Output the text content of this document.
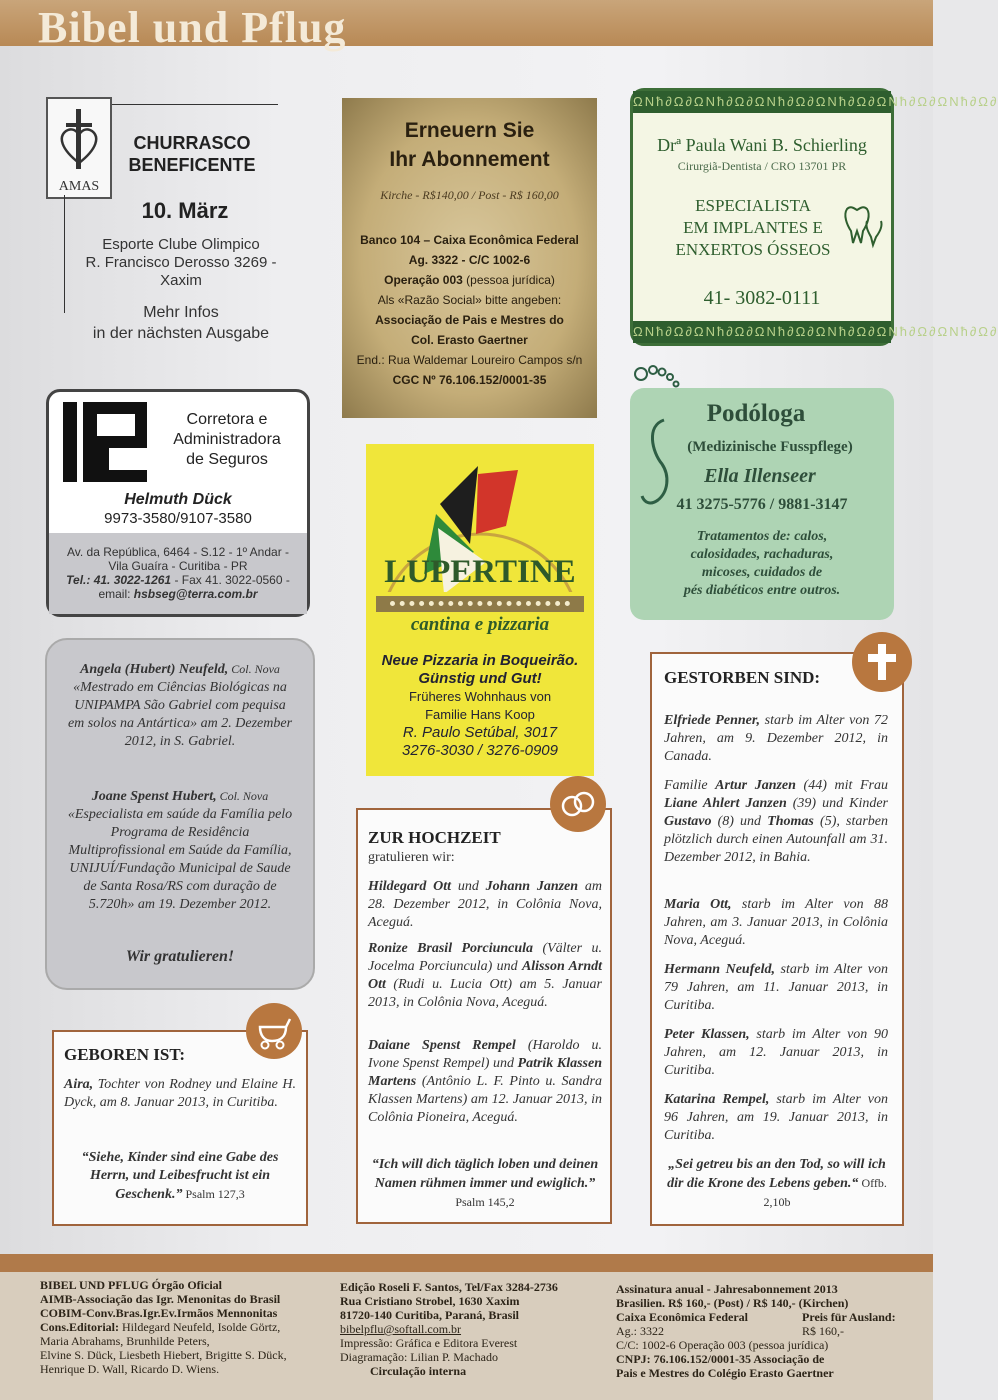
Bibel und Pflug
AMAS
CHURRASCO
BENEFICENTE
10. März
Esporte Clube Olimpico
R. Francisco Derosso 3269 -
Xaxim
Mehr Infos
in der nächsten Ausgabe
Erneuern Sie
Ihr Abonnement
Kirche - R$140,00 / Post - R$ 160,00
Banco 104 – Caixa Econômica Federal
Ag. 3322 - C/C 1002-6
Operação 003 (pessoa jurídica)
Als «Razão Social» bitte angeben:
Associação de Pais e Mestres do
Col. Erasto Gaertner
End.: Rua Waldemar Loureiro Campos s/n
CGC Nº 76.106.152/0001-35
ΩNħ∂Ω∂ΩNħ∂Ω∂ΩNħ∂Ω∂ΩNħ∂Ω∂ΩNħ∂Ω∂ΩNħ∂Ω∂
ΩNħ∂Ω∂ΩNħ∂Ω∂ΩNħ∂Ω∂ΩNħ∂Ω∂ΩNħ∂Ω∂ΩNħ∂Ω∂
Drª Paula Wani B. Schierling
Cirurgiã-Dentista / CRO 13701 PR
ESPECIALISTA
EM IMPLANTES E
ENXERTOS ÓSSEOS
41- 3082-0111
Corretora e
Administradora
de Seguros
Helmuth Dück
9973-3580/9107-3580
Av. da República, 6464 - S.12 - 1º Andar -
Vila Guaíra - Curitiba - PR
Tel.: 41. 3022-1261 - Fax 41. 3022-0560 -
email: hsbseg@terra.com.br
Podóloga
(Medizinische Fusspflege)
Ella Illenseer
41 3275-5776 / 9881-3147
Tratamentos de: calos,
calosidades, rachaduras,
micoses, cuidados de
pés diabéticos entre outros.
LUPERTINE
cantina e pizzaria
Neue Pizzaria in Boqueirão.
Günstig und Gut!
Früheres Wohnhaus von
Familie Hans Koop
R. Paulo Setúbal, 3017
3276-3030 / 3276-0909
Angela (Hubert) Neufeld, Col. Nova «Mestrado em Ciências Biológicas na UNIPAMPA São Gabriel com pequisa em solos na Antártica» am 2. Dezember 2012, in S. Gabriel.
Joane Spenst Hubert, Col. Nova «Especialista em saúde da Família pelo Programa de Residência Multiprofissional em Saúde da Família, UNIJUÍ/Fundação Municipal de Saude de Santa Rosa/RS com duração de 5.720h» am 19. Dezember 2012.
Wir gratulieren!
GEBOREN IST:
Aira, Tochter von Rodney und Elaine H. Dyck, am 8. Januar 2013, in Curitiba.
“Siehe, Kinder sind eine Gabe des Herrn, und Leibesfrucht ist ein Geschenk.” Psalm 127,3
ZUR HOCHZEIT
gratulieren wir:
Hildegard Ott und Johann Janzen am 28. Dezember 2012, in Colônia Nova, Aceguá.
Ronize Brasil Porciuncula (Välter u. Jocelma Porciuncula) und Alisson Arndt Ott (Rudi u. Lucia Ott) am 5. Januar 2013, in Colônia Nova, Aceguá.
Daiane Spenst Rempel (Haroldo u. Ivone Spenst Rempel) und Patrik Klassen Martens (Antônio L. F. Pinto u. Sandra Klassen Martens) am 12. Januar 2013, in Colônia Pioneira, Aceguá.
“Ich will dich täglich loben und deinen Namen rühmen immer und ewiglich.” Psalm 145,2
GESTORBEN SIND:
Elfriede Penner, starb im Alter von 72 Jahren, am 9. Dezember 2012, in Canada.
Familie Artur Janzen (44) mit Frau Liane Ahlert Janzen (39) und Kinder Gustavo (8) und Thomas (5), starben plötzlich durch einen Autounfall am 31. Dezember 2012, in Bahia.
Maria Ott, starb im Alter von 88 Jahren, am 3. Januar 2013, in Colônia Nova, Aceguá.
Hermann Neufeld, starb im Alter von 79 Jahren, am 11. Januar 2013, in Curitiba.
Peter Klassen, starb im Alter von 90 Jahren, am 12. Januar 2013, in Curitiba.
Katarina Rempel, starb im Alter von 96 Jahren, am 19. Januar 2013, in Curitiba.
„Sei getreu bis an den Tod, so will ich dir die Krone des Lebens geben.“ Offb. 2,10b
BIBEL UND PFLUG Órgão Oficial
AIMB-Associação das Igr. Menonitas do Brasil
COBIM-Conv.Bras.Igr.Ev.Irmãos Mennonitas
Cons.Editorial: Hildegard Neufeld, Isolde Görtz,
Maria Abrahams, Brunhilde Peters,
Elvine S. Dück, Liesbeth Hiebert, Brigitte S. Dück,
Henrique D. Wall, Ricardo D. Wiens.
Edição Roseli F. Santos, Tel/Fax 3284-2736
Rua Cristiano Strobel, 1630 Xaxim
81720-140 Curitiba, Paraná, Brasil
bibelpflu@softall.com.br
Impressão: Gráfica e Editora Everest
Diagramação: Lilian P. Machado
Circulação interna
Assinatura anual - Jahresabonnement 2013
Brasilien. R$ 160,- (Post) / R$ 140,- (Kirchen)
Caixa Econômica Federal	Preis für Ausland:
Ag.: 3322	R$ 160,-
C/C: 1002-6 Operação 003 (pessoa jurídica)
CNPJ: 76.106.152/0001-35 Associação de
Pais e Mestres do Colégio Erasto Gaertner
